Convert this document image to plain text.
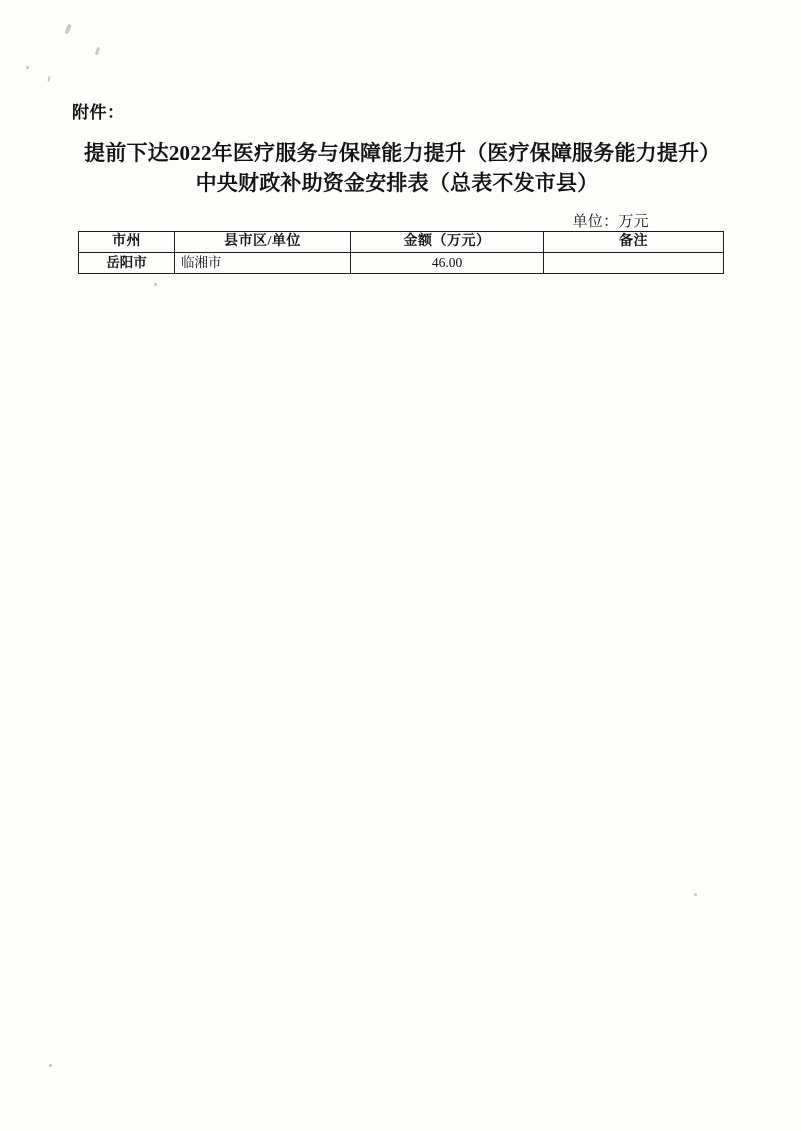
附件：
提前下达2022年医疗服务与保障能力提升（医疗保障服务能力提升）中央财政补助资金安排表（总表不发市县）
单位：万元
市州	县市区/单位	金额（万元）	备注
岳阳市	临湘市	46.00	
